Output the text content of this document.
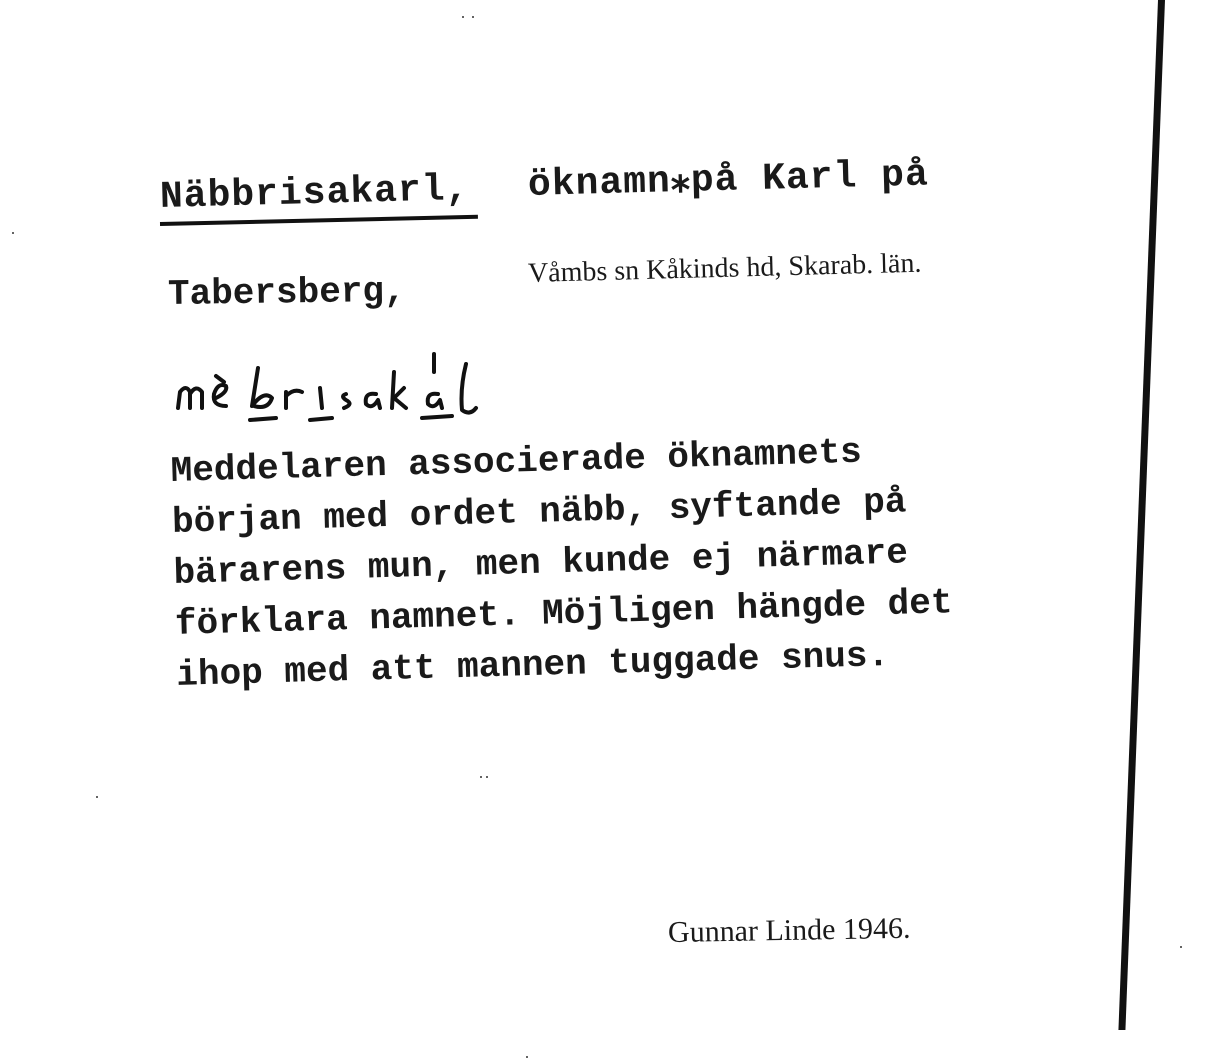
Näbbrisakarl, öknamn⁎på Karl på
Tabersberg,
Våmbs sn Kåkinds hd, Skarab. län.
Meddelaren associerade öknamnets
början med ordet näbb, syftande på
bärarens mun, men kunde ej närmare
förklara namnet. Möjligen hängde det
ihop med att mannen tuggade snus.
Gunnar Linde 1946.
